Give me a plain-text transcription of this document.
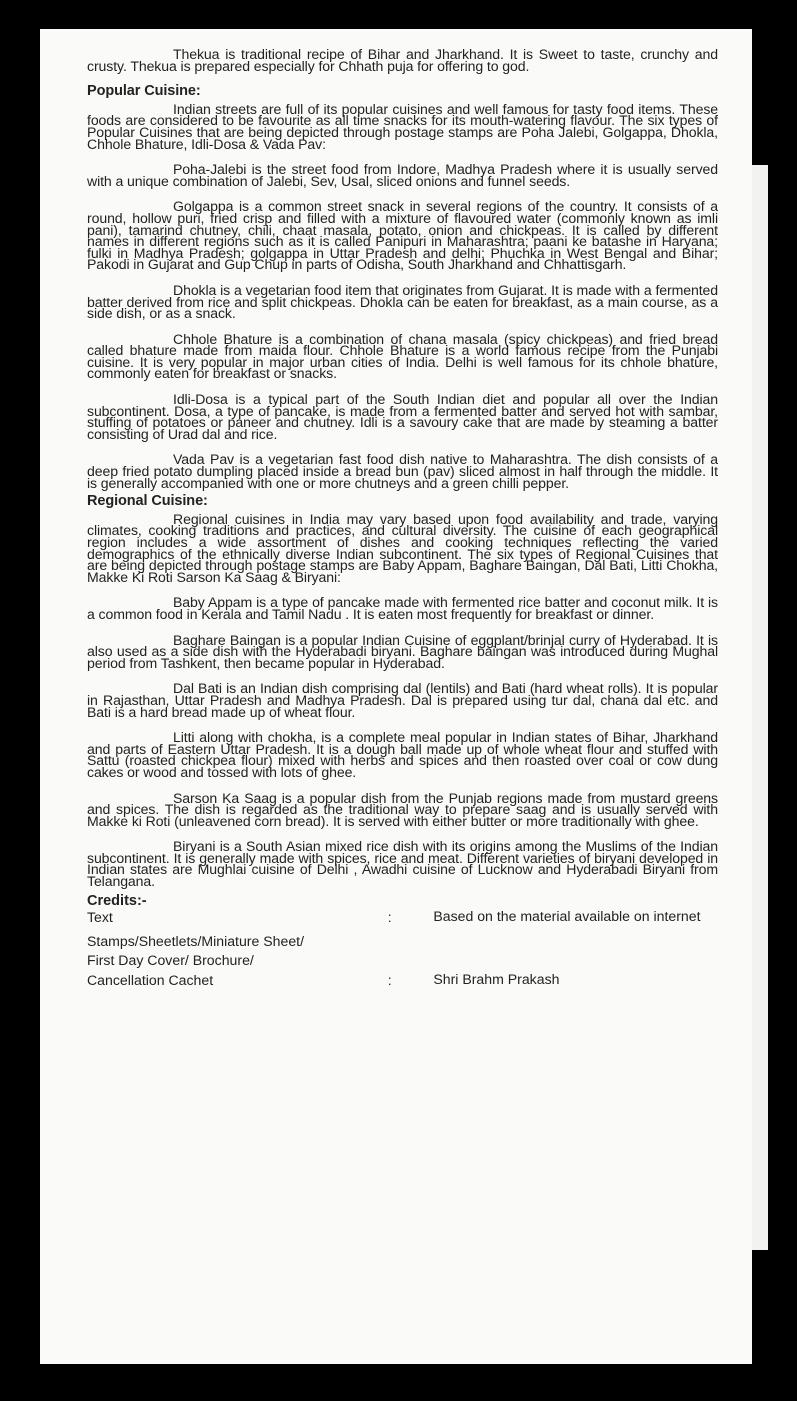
Thekua is traditional recipe of Bihar and Jharkhand. It is Sweet to taste, crunchy and crusty. Thekua is prepared especially for Chhath puja for offering to god.

Popular Cuisine:

Indian streets are full of its popular cuisines and well famous for tasty food items. These foods are considered to be favourite as all time snacks for its mouth-watering flavour. The six types of Popular Cuisines that are being depicted through postage stamps are Poha Jalebi, Golgappa, Dhokla, Chhole Bhature, Idli-Dosa & Vada Pav:

Poha-Jalebi is the street food from Indore, Madhya Pradesh where it is usually served with a unique combination of Jalebi, Sev, Usal, sliced onions and funnel seeds.

Golgappa is a common street snack in several regions of the country. It consists of a round, hollow puri, fried crisp and filled with a mixture of flavoured water (commonly known as imli pani), tamarind chutney, chili, chaat masala, potato, onion and chickpeas. It is called by different names in different regions such as it is called Panipuri in Maharashtra; paani ke batashe in Haryana; fulki in Madhya Pradesh; golgappa in Uttar Pradesh and delhi; Phuchka in West Bengal and Bihar; Pakodi in Gujarat and Gup Chup in parts of Odisha, South Jharkhand and Chhattisgarh.

Dhokla is a vegetarian food item that originates from Gujarat. It is made with a fermented batter derived from rice and split chickpeas. Dhokla can be eaten for breakfast, as a main course, as a side dish, or as a snack.

Chhole Bhature is a combination of chana masala (spicy chickpeas) and fried bread called bhature made from maida flour. Chhole Bhature is a world famous recipe from the Punjabi cuisine. It is very popular in major urban cities of India. Delhi is well famous for its chhole bhature, commonly eaten for breakfast or snacks.

Idli-Dosa is a typical part of the South Indian diet and popular all over the Indian subcontinent. Dosa, a type of pancake, is made from a fermented batter and served hot with sambar, stuffing of potatoes or paneer and chutney. Idli is a savoury cake that are made by steaming a batter consisting of Urad dal and rice.

Vada Pav is a vegetarian fast food dish native to Maharashtra. The dish consists of a deep fried potato dumpling placed inside a bread bun (pav) sliced almost in half through the middle. It is generally accompanied with one or more chutneys and a green chilli pepper.

Regional Cuisine:

Regional cuisines in India may vary based upon food availability and trade, varying climates, cooking traditions and practices, and cultural diversity. The cuisine of each geographical region includes a wide assortment of dishes and cooking techniques reflecting the varied demographics of the ethnically diverse Indian subcontinent. The six types of Regional Cuisines that are being depicted through postage stamps are Baby Appam, Baghare Baingan, Dal Bati, Litti Chokha, Makke Ki Roti Sarson Ka Saag & Biryani:

Baby Appam is a type of pancake made with fermented rice batter and coconut milk. It is a common food in Kerala and Tamil Nadu . It is eaten most frequently for breakfast or dinner.

Baghare Baingan is a popular Indian Cuisine of eggplant/brinjal curry of Hyderabad. It is also used as a side dish with the Hyderabadi biryani. Baghare baingan was introduced during Mughal period from Tashkent, then became popular in Hyderabad.

Dal Bati is an Indian dish comprising dal (lentils) and Bati (hard wheat rolls). It is popular in Rajasthan, Uttar Pradesh and Madhya Pradesh. Dal is prepared using tur dal, chana dal etc. and Bati is a hard bread made up of wheat flour.

Litti along with chokha, is a complete meal popular in Indian states of Bihar, Jharkhand and parts of Eastern Uttar Pradesh. It is a dough ball made up of whole wheat flour and stuffed with Sattu (roasted chickpea flour) mixed with herbs and spices and then roasted over coal or cow dung cakes or wood and tossed with lots of ghee.

Sarson Ka Saag is a popular dish from the Punjab regions made from mustard greens and spices. The dish is regarded as the traditional way to prepare saag and is usually served with Makke ki Roti (unleavened corn bread). It is served with either butter or more traditionally with ghee.

Biryani is a South Asian mixed rice dish with its origins among the Muslims of the Indian subcontinent. It is generally made with spices, rice and meat. Different varieties of biryani developed in Indian states are Mughlai cuisine of Delhi , Awadhi cuisine of Lucknow and Hyderabadi Biryani from Telangana.

Credits:-
Text	:	Based on the material available on internet
Stamps/Sheetlets/Miniature Sheet/
First Day Cover/ Brochure/
Cancellation Cachet	:	Shri Brahm Prakash
